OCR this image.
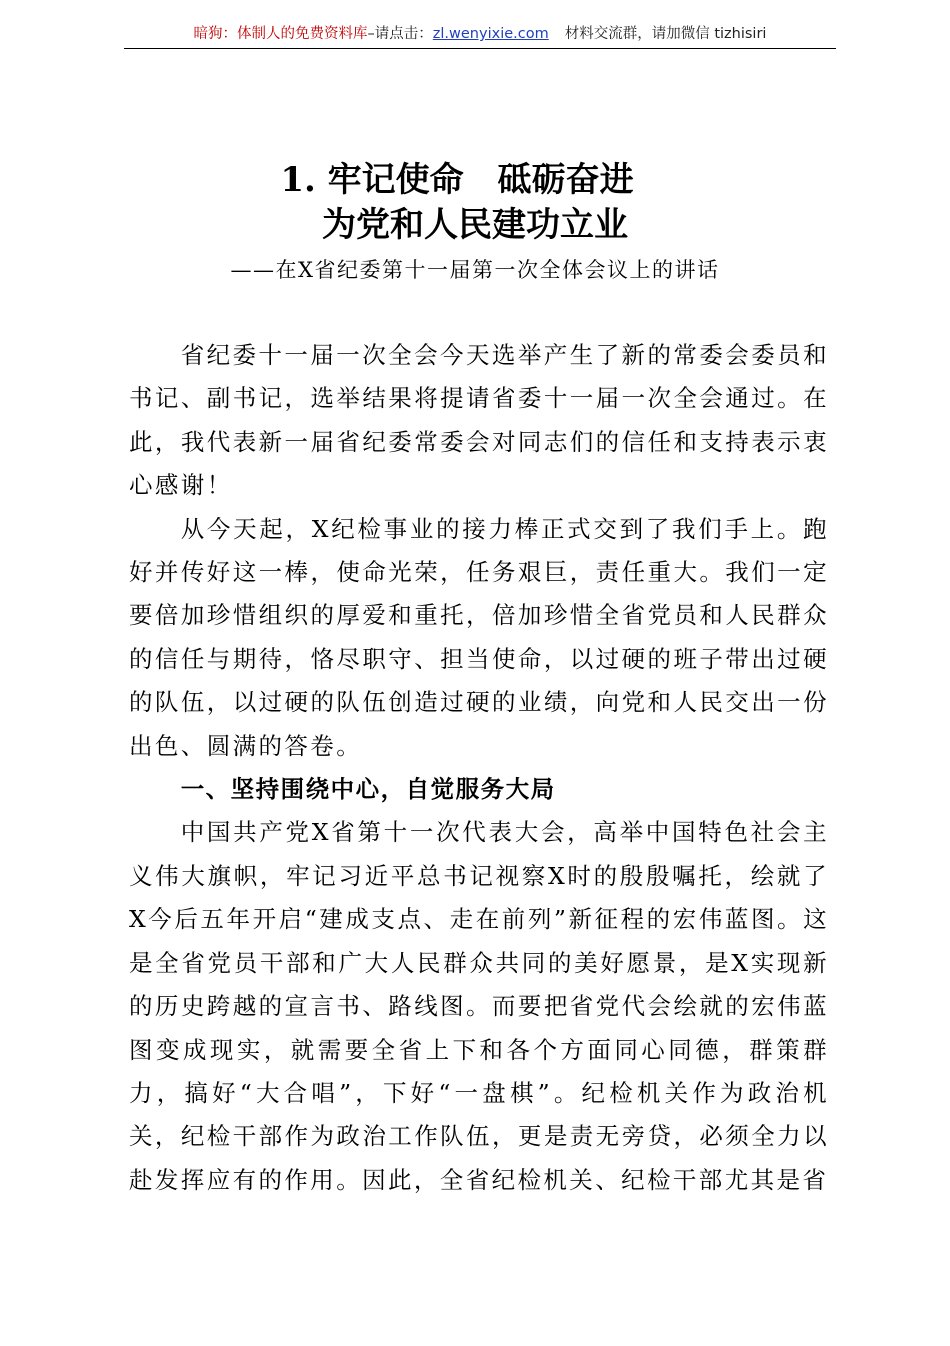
暗狗：体制人的免费资料库–请点击：zl.wenyixie.com 材料交流群，请加微信 tizhisiri
1. 牢记使命 砥砺奋进
为党和人民建功立业
——在X省纪委第十一届第一次全体会议上的讲话

省纪委十一届一次全会今天选举产生了新的常委会委员和书记、副书记，选举结果将提请省委十一届一次全会通过。在此，我代表新一届省纪委常委会对同志们的信任和支持表示衷心感谢！

从今天起，X纪检事业的接力棒正式交到了我们手上。跑好并传好这一棒，使命光荣，任务艰巨，责任重大。我们一定要倍加珍惜组织的厚爱和重托，倍加珍惜全省党员和人民群众的信任与期待，恪尽职守、担当使命，以过硬的班子带出过硬的队伍，以过硬的队伍创造过硬的业绩，向党和人民交出一份出色、圆满的答卷。

一、坚持围绕中心，自觉服务大局

中国共产党X省第十一次代表大会，高举中国特色社会主义伟大旗帜，牢记习近平总书记视察X时的殷殷嘱托，绘就了X今后五年开启“建成支点、走在前列”新征程的宏伟蓝图。这是全省党员干部和广大人民群众共同的美好愿景，是X实现新的历史跨越的宣言书、路线图。而要把省党代会绘就的宏伟蓝图变成现实，就需要全省上下和各个方面同心同德，群策群力，搞好“大合唱”，下好“一盘棋”。纪检机关作为政治机关，纪检干部作为政治工作队伍，更是责无旁贷，必须全力以赴发挥应有的作用。因此，全省纪检机关、纪检干部尤其是省
